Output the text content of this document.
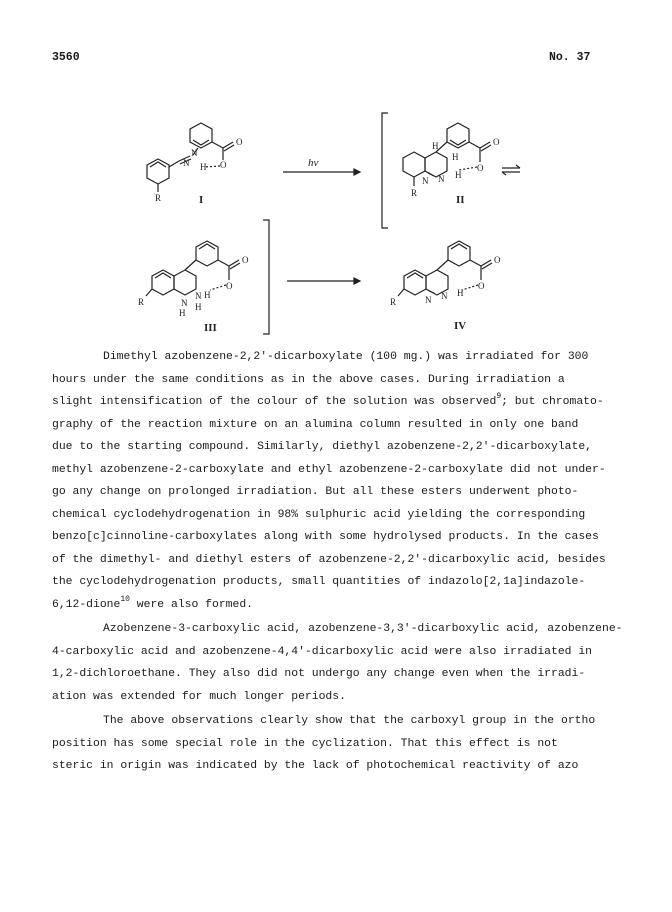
3560	No. 37
N
N
H
O
O
R	I
hν
H
H
N N H
O
O
R
II
N
N
H
H
H
O
O
R
III
N N H
O
O
R
IV

Dimethyl azobenzene-2,2'-dicarboxylate (100 mg.) was irradiated for 300

hours under the same conditions as in the above cases. During irradiation a

slight intensification of the colour of the solution was observed$^9$; but chromato-

graphy of the reaction mixture on an alumina column resulted in only one band

due to the starting compound. Similarly, diethyl azobenzene-2,2'-dicarboxylate,

methyl azobenzene-2-carboxylate and ethyl azobenzene-2-carboxylate did not under-

go any change on prolonged irradiation. But all these esters underwent photo-

chemical cyclodehydrogenation in 98% sulphuric acid yielding the corresponding

benzo[c]cinnoline-carboxylates along with some hydrolysed products. In the cases

of the dimethyl- and diethyl esters of azobenzene-2,2'-dicarboxylic acid, besides

the cyclodehydrogenation products, small quantities of indazolo[2,1a]indazole-

6,12-dione$^{10}$ were also formed.

Azobenzene-3-carboxylic acid, azobenzene-3,3'-dicarboxylic acid, azobenzene-

4-carboxylic acid and azobenzene-4,4'-dicarboxylic acid were also irradiated in

1,2-dichloroethane. They also did not undergo any change even when the irradi-

ation was extended for much longer periods.

The above observations clearly show that the carboxyl group in the ortho

position has some special role in the cyclization. That this effect is not

steric in origin was indicated by the lack of photochemical reactivity of azo
